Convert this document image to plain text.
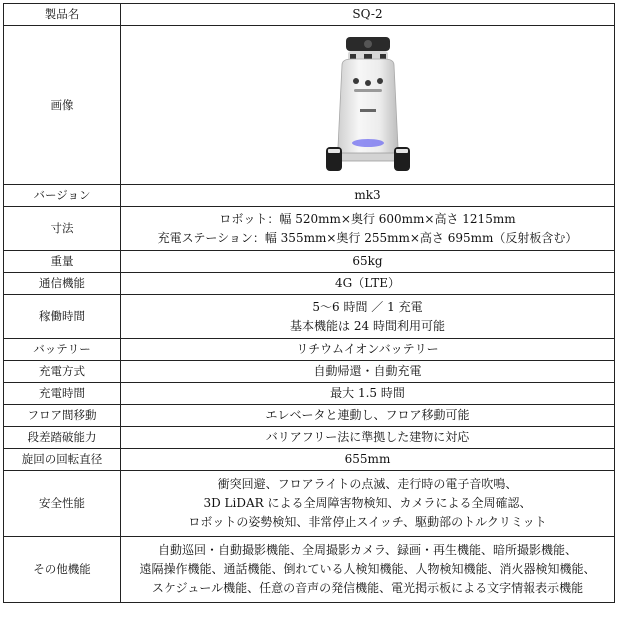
製品名	SQ-2

画像	

バージョン	mk3

寸法	ロボット：幅 520mm×奥行 600mm×高さ 1215mm
充電ステーション：幅 355mm×奥行 255mm×高さ 695mm（反射板含む）

重量	65kg

通信機能	4G（LTE）

稼働時間	5～6 時間 ／ 1 充電
基本機能は 24 時間利用可能

バッテリー	リチウムイオンバッテリー

充電方式	自動帰還・自動充電

充電時間	最大 1.5 時間

フロア間移動	エレベータと連動し、フロア移動可能

段差踏破能力	バリアフリー法に準拠した建物に対応

旋回の回転直径	655mm

安全性能	衝突回避、フロアライトの点滅、走行時の電子音吹鳴、
3D LiDAR による全周障害物検知、カメラによる全周確認、
ロボットの姿勢検知、非常停止スイッチ、駆動部のトルクリミット

その他機能	自動巡回・自動撮影機能、全周撮影カメラ、録画・再生機能、暗所撮影機能、
遠隔操作機能、通話機能、倒れている人検知機能、人物検知機能、消火器検知機能、
スケジュール機能、任意の音声の発信機能、電光掲示板による文字情報表示機能
